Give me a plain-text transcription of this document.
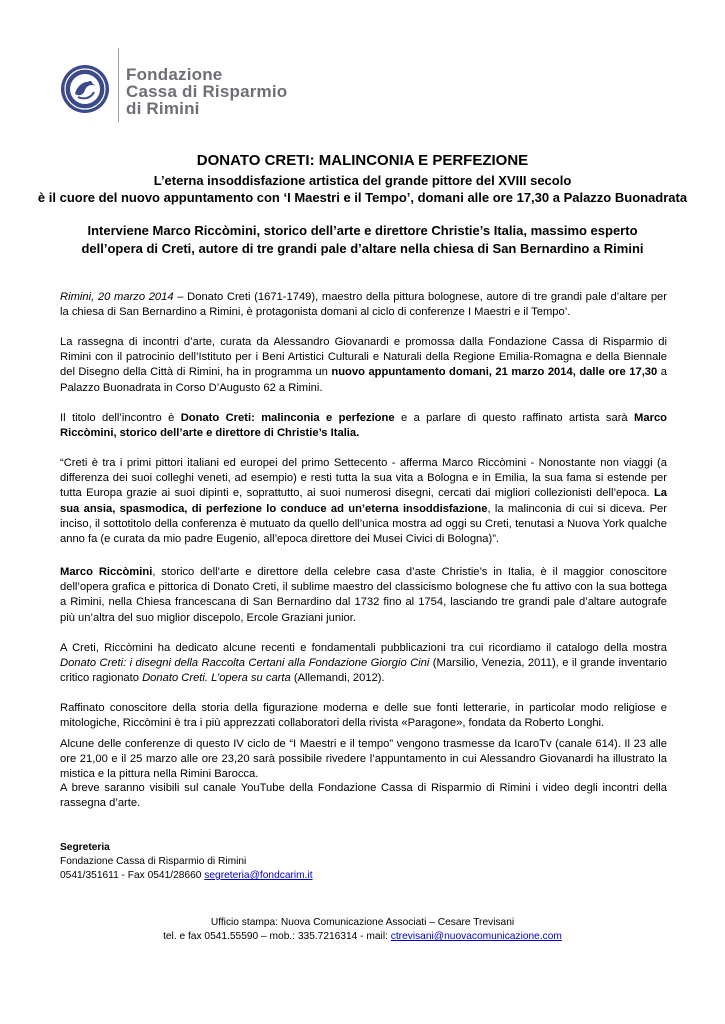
Fondazione
Cassa di Risparmio
di Rimini
DONATO CRETI: MALINCONIA E PERFEZIONE
L’eterna insoddisfazione artistica del grande pittore del XVIII secolo
è il cuore del nuovo appuntamento con ‘I Maestri e il Tempo’, domani alle ore 17,30 a Palazzo Buonadrata
Interviene Marco Riccòmini, storico dell’arte e direttore Christie’s Italia, massimo esperto dell’opera di Creti, autore di tre grandi pale d’altare nella chiesa di San Bernardino a Rimini

Rimini, 20 marzo 2014 – Donato Creti (1671-1749), maestro della pittura bolognese, autore di tre grandi pale d’altare per la chiesa di San Bernardino a Rimini, è protagonista domani al ciclo di conferenze I Maestri e il Tempo’.

La rassegna di incontri d’arte, curata da Alessandro Giovanardi e promossa dalla Fondazione Cassa di Risparmio di Rimini con il patrocinio dell’Istituto per i Beni Artistici Culturali e Naturali della Regione Emilia-Romagna e della Biennale del Disegno della Città di Rimini, ha in programma un nuovo appuntamento domani, 21 marzo 2014, dalle ore 17,30 a Palazzo Buonadrata in Corso D’Augusto 62 a Rimini.

Il titolo dell’incontro è Donato Creti: malinconia e perfezione e a parlare di questo raffinato artista sarà Marco Riccòmini, storico dell’arte e direttore di Christie’s Italia.

“Creti è tra i primi pittori italiani ed europei del primo Settecento - afferma Marco Riccòmini - Nonostante non viaggi (a differenza dei suoi colleghi veneti, ad esempio) e resti tutta la sua vita a Bologna e in Emilia, la sua fama si estende per tutta Europa grazie ai suoi dipinti e, soprattutto, ai suoi numerosi disegni, cercati dai migliori collezionisti dell’epoca. La sua ansia, spasmodica, di perfezione lo conduce ad un’eterna insoddisfazione, la malinconia di cui si diceva. Per inciso, il sottotitolo della conferenza è mutuato da quello dell’unica mostra ad oggi su Creti, tenutasi a Nuova York qualche anno fa (e curata da mio padre Eugenio, all’epoca direttore dei Musei Civici di Bologna)”.

Marco Riccòmini, storico dell’arte e direttore della celebre casa d’aste Christie’s in Italia, è il maggior conoscitore dell’opera grafica e pittorica di Donato Creti, il sublime maestro del classicismo bolognese che fu attivo con la sua bottega a Rimini, nella Chiesa francescana di San Bernardino dal 1732 fino al 1754, lasciando tre grandi pale d’altare autografe più un’altra del suo miglior discepolo, Ercole Graziani junior.

A Creti, Riccòmini ha dedicato alcune recenti e fondamentali pubblicazioni tra cui ricordiamo il catalogo della mostra Donato Creti: i disegni della Raccolta Certani alla Fondazione Giorgio Cini (Marsilio, Venezia, 2011), e il grande inventario critico ragionato Donato Creti. L’opera su carta (Allemandi, 2012).

Raffinato conoscitore della storia della figurazione moderna e delle sue fonti letterarie, in particolar modo religiose e mitologiche, Riccòmini è tra i più apprezzati collaboratori della rivista «Paragone», fondata da Roberto Longhi.

Alcune delle conferenze di questo IV ciclo de “I Maestri e il tempo” vengono trasmesse da IcaroTv (canale 614). Il 23 alle ore 21,00 e il 25 marzo alle ore 23,20 sarà possibile rivedere l’appuntamento in cui Alessandro Giovanardi ha illustrato la mistica e la pittura nella Rimini Barocca.

A breve saranno visibili sul canale YouTube della Fondazione Cassa di Risparmio di Rimini i video degli incontri della rassegna d’arte.

Segreteria
Fondazione Cassa di Risparmio di Rimini
0541/351611 - Fax 0541/28660 segreteria@fondcarim.it
Ufficio stampa: Nuova Comunicazione Associati – Cesare Trevisani
tel. e fax 0541.55590 – mob.: 335.7216314 - mail: ctrevisani@nuovacomunicazione.com
